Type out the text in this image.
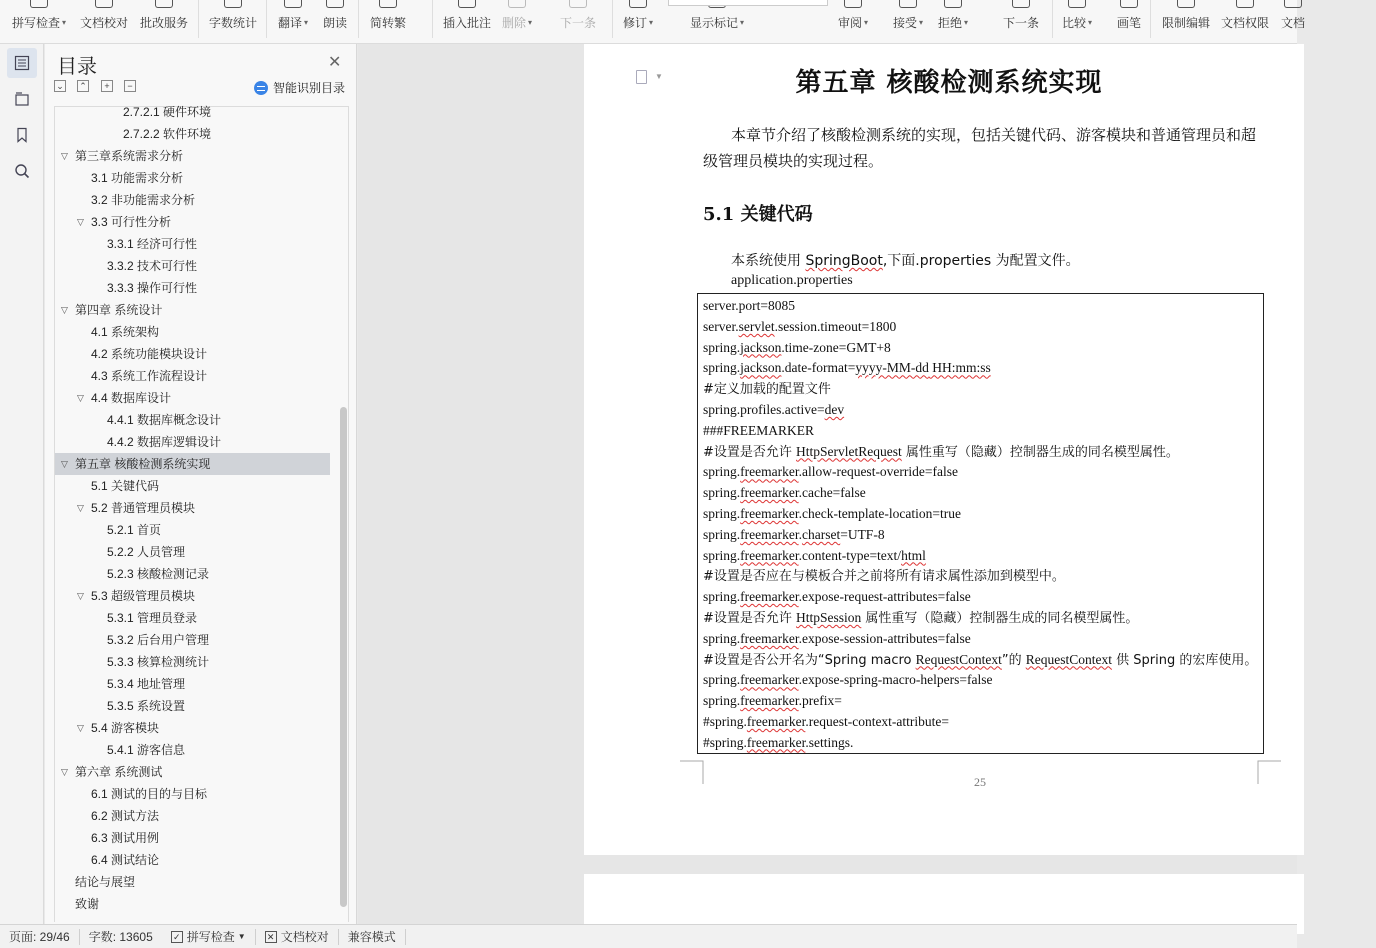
拼写检查 ▾ 文档校对 批改服务 字数统计 翻译 ▾ 朗读 简转繁	插入批注 删除 ▾ 下一条 修订 ▾	显示标记 ▾	审阅 ▾ 接受 ▾ 拒绝 ▾	下一条 比较 ▾ 画笔 限制编辑 文档权限 文档
目录	✕
⌄ ⌃	+	−	智能识别目录
2.7.2.1 硬件环境
2.7.2.2 软件环境
▽ 第三章系统需求分析
3.1 功能需求分析
3.2 非功能需求分析
▽ 3.3 可行性分析
3.3.1 经济可行性
3.3.2 技术可行性
3.3.3 操作可行性
▽ 第四章 系统设计
4.1 系统架构
4.2 系统功能模块设计
4.3 系统工作流程设计
▽ 4.4 数据库设计
4.4.1 数据库概念设计
4.4.2 数据库逻辑设计
▽ 第五章 核酸检测系统实现
5.1 关键代码
▽ 5.2 普通管理员模块
5.2.1 首页
5.2.2 人员管理
5.2.3 核酸检测记录
▽ 5.3 超级管理员模块
5.3.1 管理员登录
5.3.2 后台用户管理
5.3.3 核算检测统计
5.3.4 地址管理
5.3.5 系统设置
▽ 5.4 游客模块
5.4.1 游客信息
▽ 第六章 系统测试
6.1 测试的目的与目标
6.2 测试方法
6.3 测试用例
6.4 测试结论
结论与展望
致谢
▼	第五章 核酸检测系统实现
本章节介绍了核酸检测系统的实现，包括关键代码、游客模块和普通管理员和超级管理员模块的实现过程。
5.1 关键代码
本系统使用 SpringBoot,下面.properties 为配置文件。
application.properties
server.port=8085
server.servlet.session.timeout=1800
spring.jackson.time-zone=GMT+8
spring.jackson.date-format=yyyy-MM-dd HH:mm:ss
#定义加载的配置文件
spring.profiles.active=dev
###FREEMARKER
#设置是否允许 HttpServletRequest 属性重写（隐藏）控制器生成的同名模型属性。
spring.freemarker.allow-request-override=false
spring.freemarker.cache=false
spring.freemarker.check-template-location=true
spring.freemarker.charset=UTF-8
spring.freemarker.content-type=text/html
#设置是否应在与模板合并之前将所有请求属性添加到模型中。
spring.freemarker.expose-request-attributes=false
#设置是否允许 HttpSession 属性重写（隐藏）控制器生成的同名模型属性。
spring.freemarker.expose-session-attributes=false
#设置是否公开名为“Spring macro RequestContext”的 RequestContext 供 Spring 的宏库使用。
spring.freemarker.expose-spring-macro-helpers=false
spring.freemarker.prefix=
#spring.freemarker.request-context-attribute=
#spring.freemarker.settings.
25
页面: 29/46	字数: 13605	✓ 拼写检查 ▼ ✕ 文档校对	兼容模式
